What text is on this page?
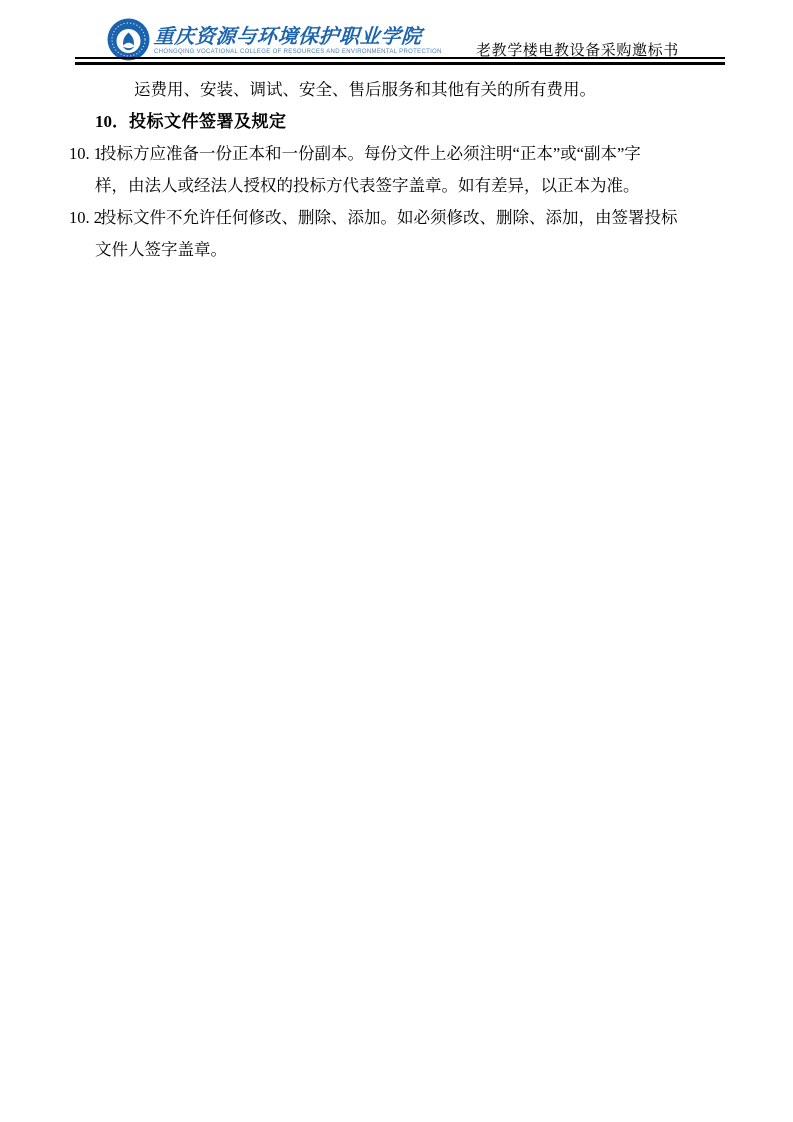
重庆资源与环境保护职业学院
CHONGQING VOCATIONAL COLLEGE OF RESOURCES AND ENVIRONMENTAL PROTECTION 老教学楼电教设备采购邀标书

运费用、安装、调试、安全、售后服务和其他有关的所有费用。

10．投标文件签署及规定

10. 1投标方应准备一份正本和一份副本。每份文件上必须注明“正本”或“副本”字
样，由法人或经法人授权的投标方代表签字盖章。如有差异，以正本为准。

10. 2投标文件不允许任何修改、删除、添加。如必须修改、删除、添加，由签署投标
文件人签字盖章。
